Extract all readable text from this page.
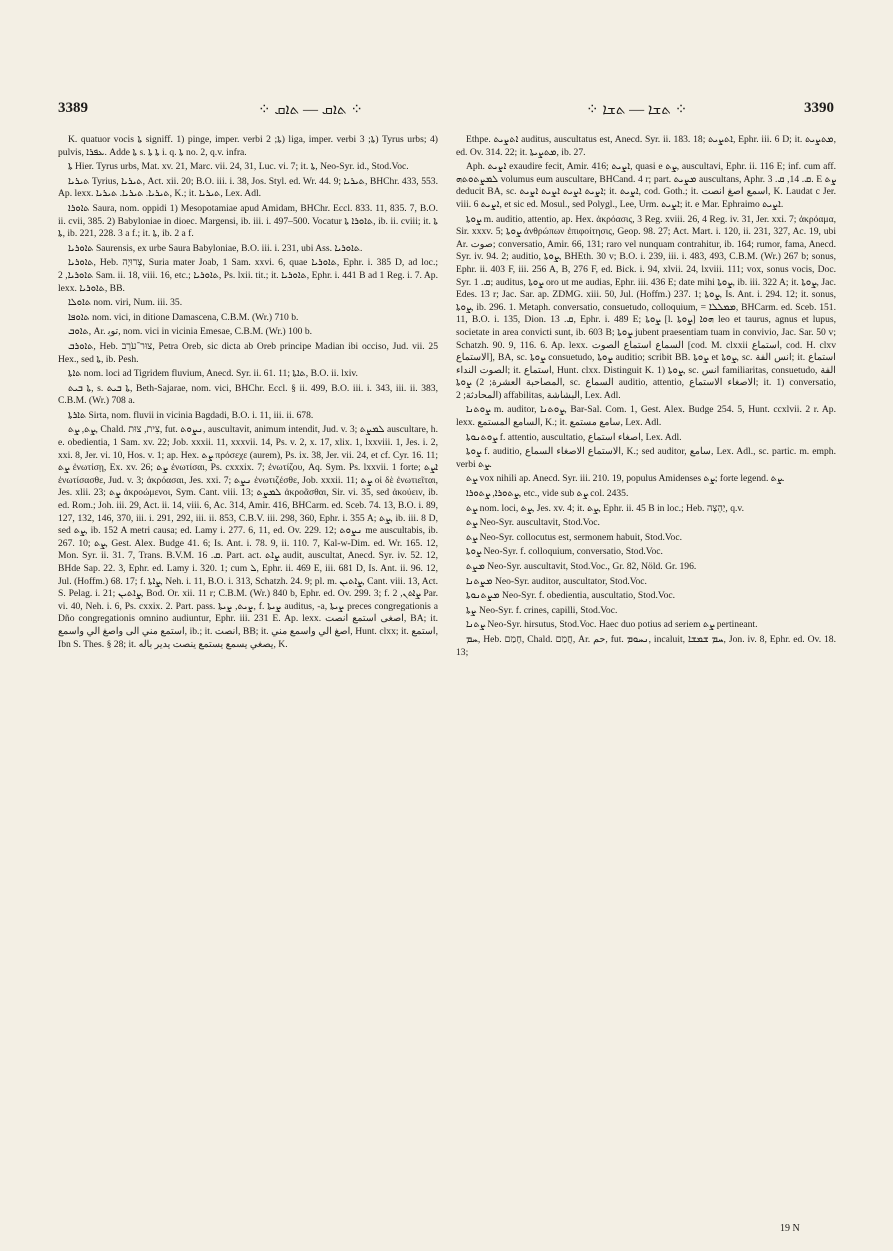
3389	⁘ ܬܐܩ — ܬܐܩ ⁘	⁘ ܬܫܐ — ܬܫܐ ⁘	3390

K. quatuor vocis ܬܐ signiff. 1) pinge, imper. verbi ܬܐ; 2) liga, imper. verbi ܬܐ; 3) Tyrus urbs; 4) pulvis, ܥܦܪܐ. Adde ܬܐ s. ܬܐ ܬܐ i. q. ܬܐ no. 2, q.v. infra.

ܬܐ Hier. Tyrus urbs, Mat. xv. 21, Marc. vii. 24, 31, Luc. vi. 7; it. ܬܐ, Neo-Syr. id., Stod.Voc.

ܬܝܪܝܐ Tyrius, ܬܝܪܝܐ, Act. xii. 20; B.O. iii. i. 38, Jos. Styl. ed. Wr. 44. 9; ܬܝܪܝܐ, BHChr. 433, 553. Ap. lexx. ܬܝܪܝܐ. ܬܝܪܝܐ. ܬܝܪܝܐ, K.; it. ܬܝܪܝܐ, Lex. Adl.

ܬܐܘܪܐ Saura, nom. oppidi 1) Mesopotamiae apud Amidam, BHChr. Eccl. 833. 11, 835. 7, B.O. ii. cvii, 385. 2) Babyloniae in dioec. Margensi, ib. iii. i. 497–500. Vocatur ܬܐܘܪܐ ܬܐ, ib. ii. cviii; it. ܬܐ ܬܐ, ib. 221, 228. 3 a f.; it. ܬܐ, ib. 2 a f.

ܬܐܘܪܝܐ Saurensis, ex urbe Saura Babyloniae, B.O. iii. i. 231, ubi Ass. ܬܐܘܪܝܐ.

ܬܐܘܪܝܐ, Heb. צְרוּיָה, Suria mater Joab, 1 Sam. xxvi. 6, quae ܬܐܘܪܝܐ, Ephr. i. 385 D, ad loc.; ܬܐܘܪܝܐ, 2 Sam. ii. 18, viii. 16, etc.; ܬܐܘܪܝܐ, Ps. lxii. tit.; it. ܬܐܘܪܝܐ, Ephr. i. 441 B ad 1 Reg. i. 7. Ap. lexx. ܬܐܘܪܝܐ, BB.

ܬܐܘܠܐ nom. viri, Num. iii. 35.

ܬܐܘܦܐ nom. vici, in ditione Damascena, C.B.M. (Wr.) 710 b.

ܬܐܘܒ, Ar. ﺗﻮﺑ, nom. vici in vicinia Emesae, C.B.M. (Wr.) 100 b.

ܬܐܘܪܒ, Heb. צוּר־עֹרֵב, Petra Oreb, sic dicta ab Oreb principe Madian ibi occiso, Jud. vii. 25 Hex., sed ܬܐ, ib. Pesh.

ܬܐܬܐ nom. loci ad Tigridem fluvium, Anecd. Syr. ii. 61. 11; ܬܐܬܐ, B.O. ii. lxiv.

ܬܐ ܒܝܬ, s. ܬܐ ܒܝܬ, Beth-Sajarae, nom. vici, BHChr. Eccl. § ii. 499, B.O. iii. i. 343, iii. ii. 383, C.B.M. (Wr.) 708 a.

ܬܐܪܬܐ Sirta, nom. fluvii in vicinia Bagdadi, B.O. i. 11, iii. ii. 678.

ܨܬ, ܨܬ, Chald. צִית, צוּת, fut. ܢܨܘܬ, auscultavit, animum intendit, Jud. v. 3; ܠܡܨܬ auscultare, h. e. obedientia, 1 Sam. xv. 22; Job. xxxii. 11, xxxvii. 14, Ps. v. 2, x. 17, xlix. 1, lxxviii. 1, Jes. i. 2, xxi. 8, Jer. vi. 10, Hos. v. 1; ap. Hex. ܨܬ πρόσεχε (aurem), Ps. ix. 38, Jer. vii. 24, et cf. Cyr. 16. 11; ܨܬ ἐνωτίσῃ, Ex. xv. 26; ܨܬ ἐνωτίσαι, Ps. cxxxix. 7; ἐνωτίζου, Aq. Sym. Ps. lxxvii. 1 forte; ܐܨܬ ἐνωτίσασθε, Jud. v. 3; ἀκρόασαι, Jes. xxi. 7; ܢܨܬ ἐνωτιζέσθε, Job. xxxii. 11; ܨܬ οἱ δὲ ἐνωτιεῖται, Jes. xlii. 23; ܨܬ ἀκροώμενοι, Sym. Cant. viii. 13; ܠܡܨܬ ἀκροᾶσθαι, Sir. vi. 35, sed ἀκούειν, ib. ed. Rom.; Joh. iii. 29, Act. ii. 14, viii. 6, Ac. 314, Amir. 416, BHCarm. ed. Sceb. 74. 13, B.O. i. 89, 127, 132, 146, 370, iii. i. 291, 292, iii. ii. 853, C.B.V. iii. 298, 360, Ephr. i. 355 A; ܨܬ, ib. iii. 8 D, sed ܨܬ, ib. 152 A metri causa; ed. Lamy i. 277. 6, 11, ed. Ov. 229. 12; ܢܨܘܬ me auscultabis, ib. 267. 10; ܨܬ, Gest. Alex. Budge 41. 6; Is. Ant. i. 78. 9, ii. 110. 7, Kal-w-Dim. ed. Wr. 165. 12, Mon. Syr. ii. 31. 7, Trans. B.V.M. ܩ. 16. Part. act. ܨܐܬ audit, auscultat, Anecd. Syr. iv. 52. 12, BHde Sap. 22. 3, Ephr. ed. Lamy i. 320. 1; cum ܠ, Ephr. ii. 469 E, iii. 681 D, Is. Ant. ii. 96. 12, Jul. (Hoffm.) 68. 17; f. ܨܐܬܐ, Neh. i. 11, B.O. i. 313, Schatzh. 24. 9; pl. m. ܨܐܬܝܢ, Cant. viii. 13, Act. S. Pelag. i. 21; ܨܐܬܝܢ, Bod. Or. xii. 11 r; C.B.M. (Wr.) 840 b, Ephr. ed. Ov. 299. 3; f. ܨܐܬܢ, 2 Par. vi. 40, Neh. i. 6, Ps. cxxix. 2. Part. pass. ܨܝܬ, ܨܝܬܐ, f. ܨܝܬܐ auditus, -a, ܨܝܬܐ preces congregationis a Dño congregationis omnino audiuntur, Ephr. iii. 231 E. Ap. lexx. ﺍﺻﻐﻰ ﺍﺳﺘﻤﻊ ﺍﻧﺼﺖ, BA; it. ﺍﺳﺘﻤﻊ ﻣﻨﻲ ﺍﻟﻰ ﻭﺍﺻﻎ ﺍﻟﻲ ﻭﺍﺳﻤﻊ, ib.; it. ﺍﻧﺼﺖ, BB; it. ﺍﺻﻎ ﺍﻟﻲ ﻭﺍﺳﻤﻊ ﻣﻨﻲ, Hunt. clxx; it. ﺍﺳﺘﻤﻊ, Ibn S. Thes. § 28; it. ﻳﺼﻐﻲ ﻳﺴﻤﻊ ﻳﺴﺘﻤﻊ ﻳﻨﺼﺖ ﻳﺪﻳﺮ ﺑﺎﻟﻪ, K.

Ethpe. ܐܬܨܝܬ auditus, auscultatus est, Anecd. Syr. ii. 183. 18; ܐܬܨܝܬ, Ephr. iii. 6 D; it. ܡܬܨܝܬ, ed. Ov. 314. 22; it. ܡܬܨܝܬܐ, ib. 27.

Aph. ܐܨܝܬ exaudire fecit, Amir. 416; ܐܨܝܬ, quasi e ܨܬ, auscultavi, Ephr. ii. 116 E; inf. cum aff. ܠܡܨܬܘܬܗ volumus eum auscultare, BHCand. 4 r; part. ܡܨܝܬ auscultans, Aphr. ܩ. 14, ܩ. 3. E ܨܬ deducit BA, sc. ܐܨܝܬ ܐܨܝܬ ܐܨܝܬ ܐܨܝܬ; it. ܐܨܝܬ, cod. Goth.; it. ﺍﺳﻤﻊ ﺍﺻﻎ ﺍﻧﺼﺖ, K. Laudat c Jer. viii. 6 ܐܨܝܬ, et sic ed. Mosul., sed Polygl., Lee, Urm. ܐܨܝܬ; it. e Mar. Ephraimo ܐܨܝܬ.

ܨܘܬܐ m. auditio, attentio, ap. Hex. ἀκρόασις, 3 Reg. xviii. 26, 4 Reg. iv. 31, Jer. xxi. 7; ἀκρόαμα, Sir. xxxv. 5; ܨܘܬܐ ἀνθρώπων ἐπιφοίτησις, Geop. 98. 27; Act. Mart. i. 120, ii. 231, 327, Ac. 19, ubi Ar. ﺻﻮﺕ; conversatio, Amir. 66, 131; raro vel nunquam contrahitur, ib. 164; rumor, fama, Anecd. Syr. iv. 94. 2; auditio, ܨܘܬܐ, BHEth. 30 v; B.O. i. 239, iii. i. 483, 493, C.B.M. (Wr.) 267 b; sonus, Ephr. ii. 403 F, iii. 256 A, B, 276 F, ed. Bick. i. 94, xlvii. 24, lxviii. 111; vox, sonus vocis, Doc. Syr. ܩ. 1; auditus, ܨܘܬܐ oro ut me audias, Ephr. iii. 436 E; date mihi ܨܘܬܐ, ib. iii. 322 A; it. ܨܘܬܐ, Jac. Edes. 13 r; Jac. Sar. ap. ZDMG. xiii. 50, Jul. (Hoffm.) 237. 1; ܨܘܬܐ, Is. Ant. i. 294. 12; it. sonus, ܨܘܬܐ, ib. 296. 1. Metaph. conversatio, consuetudo, colloquium, = ܡܡܠܠܐ, BHCarm. ed. Sceb. 151. 11, B.O. i. 135, Dion. ܩ. 13, Ephr. i. 489 E; ܨܘܬܐ [l. ܨܘܬܐ] ܗܘܐ leo et taurus, agnus et lupus, societate in area convicti sunt, ib. 603 B; ܨܘܬܐ jubent praesentiam tuam in convivio, Jac. Sar. 50 v; Schatzh. 90. 9, 116. 6. Ap. lexx. ﺍﻟﺴﻤﺎﻉ ﺍﺳﺘﻤﺎﻉ ﺍﻟﺼﻮﺕ [cod. M. clxxii ﺍﺳﺘﻤﺎﻉ, cod. H. clxv ﺍﻻﺳﺘﻤﺎﻉ], BA, sc. ܨܘܬܐ consuetudo, ܨܘܬܐ auditio; scribit BB. ܨܘܬܐ et ܨܘܬܐ, sc. ﺍﻧﺲ ﺍﻟﻔﺔ; it. ﺍﺳﺘﻤﺎﻉ ﺍﻟﺼﻮﺕ ﺍﻟﻨﺪﺍﺀ; it. ﺍﺳﺘﻤﺎﻉ, Hunt. clxx. Distinguit K. 1) ܨܘܬܐ, sc. ﺍﻧﺲ familiaritas, consuetudo, ﺍﻟﻔﺔ ﺍﻟﻤﺼﺎﺣﺒﺔ ﺍﻟﻌﺸﺮﺓ; 2) ܨܘܬܐ, sc. ﺍﻟﺴﻤﺎﻉ auditio, attentio, ﺍﻻﺻﻐﺎﺀ ﺍﻻﺳﺘﻤﺎﻉ; it. 1) conversatio, ﺍﻟﻤﺤﺎﺩﺛﺔ; 2) affabilitas, ﺍﻟﺒﺸﺎﺷﺔ, Lex. Adl.

ܨܘܬܢܐ m. auditor, ܨܘܬܢܐ, Bar-Sal. Com. 1, Gest. Alex. Budge 254. 5, Hunt. ccxlvii. 2 r. Ap. lexx. ﺍﻟﺴﺎﻣﻊ ﺍﻟﻤﺴﺘﻤﻊ, K.; it. ﺳﺎﻣﻊ ﻣﺴﺘﻤﻊ, Lex. Adl.

ܨܘܬܢܘܬܐ f. attentio, auscultatio, ﺍﺻﻐﺎﺀ ﺍﺳﺘﻤﺎﻉ, Lex. Adl.

ܨܘܬܐ f. auditio, ﺍﻻﺳﺘﻤﺎﻉ ﺍﻻﺻﻐﺎﺀ ﺍﻟﺴﻤﺎﻉ, K.; sed auditor, ﺳﺎﻣﻊ, Lex. Adl., sc. partic. m. emph. verbi ܨܬ.

ܨܬ vox nihili ap. Anecd. Syr. iii. 210. 19, populus Amidenses ܨܬ; forte legend. ܨܬ.

ܨܬܘܪܐ, ܨܬܘܪܐ, etc., vide sub ܨܬ col. 2435.

ܨܬ nom. loci, ܨܬ, Jes. xv. 4; it. ܨܬ, Ephr. ii. 45 B in loc.; Heb. יַהְצָה, q.v.

ܨܬ Neo-Syr. auscultavit, Stod.Voc.

ܨܬ Neo-Syr. collocutus est, sermonem habuit, Stod.Voc.

ܨܘܬܐ Neo-Syr. f. colloquium, conversatio, Stod.Voc.

ܡܨܬ Neo-Syr. auscultavit, Stod.Voc., Gr. 82, Nöld. Gr. 196.

ܡܨܬܢܐ Neo-Syr. auditor, auscultator, Stod.Voc.

ܡܨܬܢܘܬܐ Neo-Syr. f. obedientia, auscultatio, Stod.Voc.

ܨܬܐ Neo-Syr. f. crines, capilli, Stod.Voc.

ܨܬܢܐ Neo-Syr. hirsutus, Stod.Voc. Haec duo potius ad seriem ܨܬ pertineant.

ܚܡ, Heb. חָמַם, Chald. חֲמַם, Ar. ﺣﻢ, fut. ܢܚܘܡ, incaluit, ܚܡ ܫܡܫܐ, Jon. iv. 8, Ephr. ed. Ov. 18. 13;

19 N
